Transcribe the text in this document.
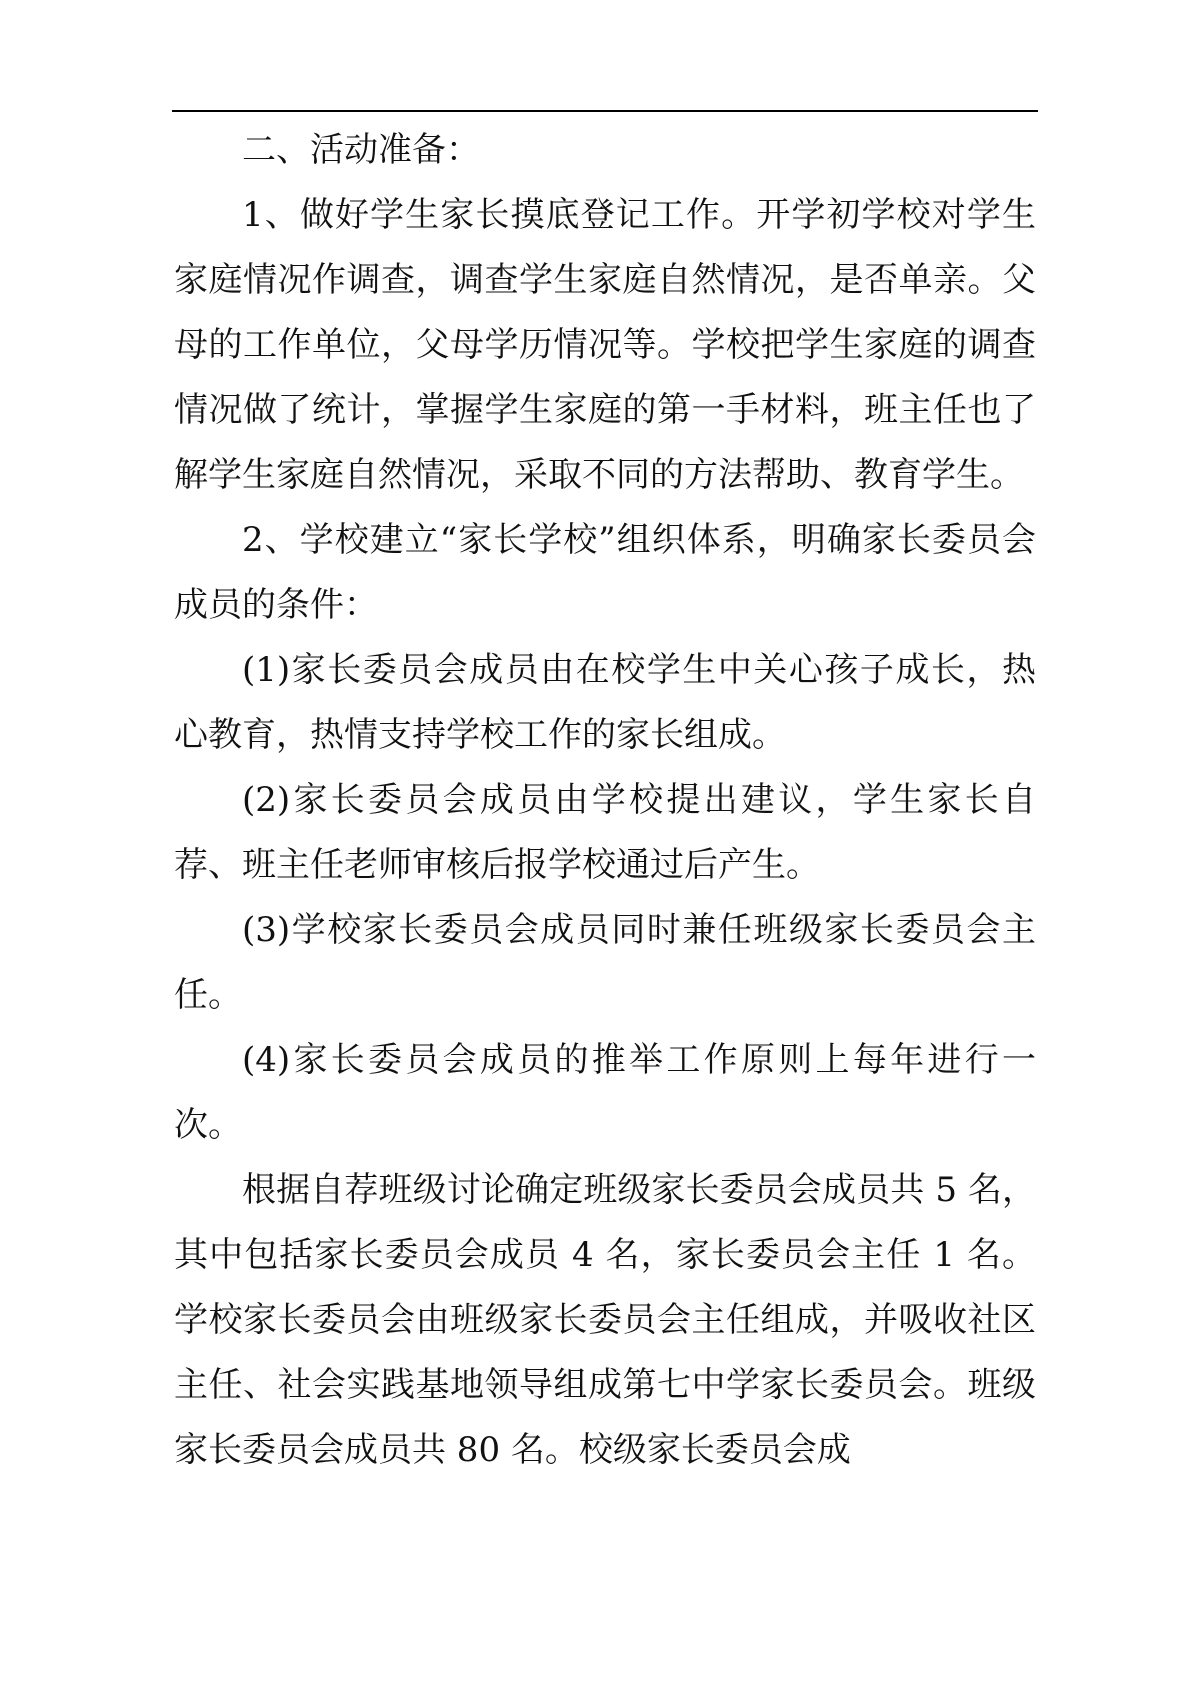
二、活动准备：

1、做好学生家长摸底登记工作。开学初学校对学生家庭情况作调查，调查学生家庭自然情况，是否单亲。父母的工作单位，父母学历情况等。学校把学生家庭的调查情况做了统计，掌握学生家庭的第一手材料，班主任也了解学生家庭自然情况，采取不同的方法帮助、教育学生。

2、学校建立“家长学校”组织体系，明确家长委员会成员的条件：

(1)家长委员会成员由在校学生中关心孩子成长，热心教育，热情支持学校工作的家长组成。

(2)家长委员会成员由学校提出建议，学生家长自荐、班主任老师审核后报学校通过后产生。

(3)学校家长委员会成员同时兼任班级家长委员会主任。

(4)家长委员会成员的推举工作原则上每年进行一次。

根据自荐班级讨论确定班级家长委员会成员共 5 名，其中包括家长委员会成员 4 名，家长委员会主任 1 名。学校家长委员会由班级家长委员会主任组成，并吸收社区主任、社会实践基地领导组成第七中学家长委员会。班级家长委员会成员共 80 名。校级家长委员会成
